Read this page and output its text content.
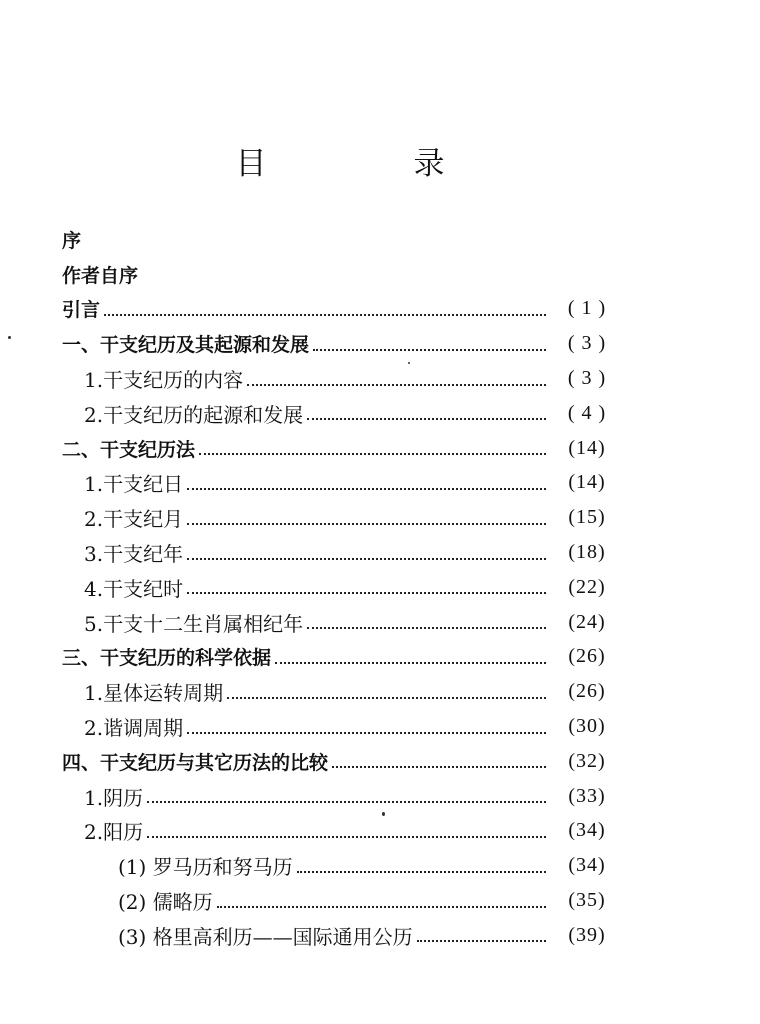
目　录
序
作者自序
引言	( 1 )
一、干支纪历及其起源和发展	( 3 )
1.干支纪历的内容	( 3 )
2.干支纪历的起源和发展	( 4 )
二、干支纪历法	(14)
1.干支纪日	(14)
2.干支纪月	(15)
3.干支纪年	(18)
4.干支纪时	(22)
5.干支十二生肖属相纪年	(24)
三、干支纪历的科学依据	(26)
1.星体运转周期	(26)
2.谐调周期	(30)
四、干支纪历与其它历法的比较	(32)
1.阴历	(33)
2.阳历	(34)
(1) 罗马历和努马历	(34)
(2) 儒略历	(35)
(3) 格里高利历——国际通用公历	(39)
